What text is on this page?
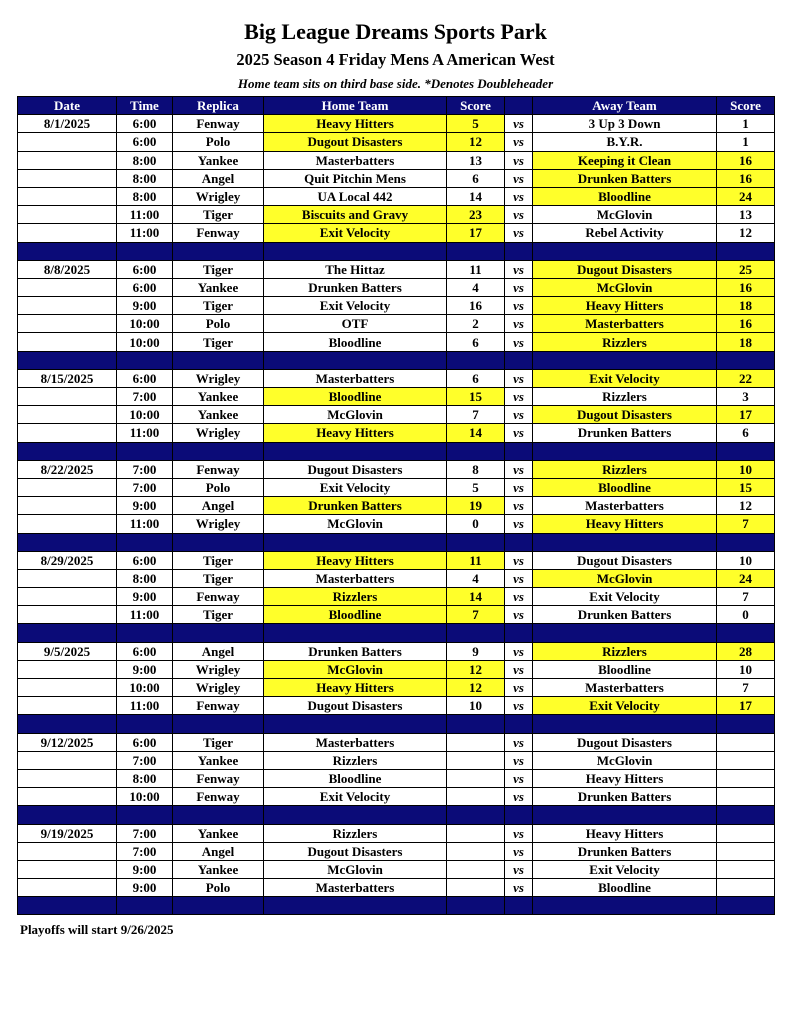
Big League Dreams Sports Park
2025 Season 4 Friday Mens A American West
Home team sits on third base side. *Denotes Doubleheader
Date	Time	Replica	Home Team	Score		Away Team	Score
8/1/2025	6:00	Fenway	Heavy Hitters	5	vs	3 Up 3 Down	1
	6:00	Polo	Dugout Disasters	12	vs	B.Y.R.	1
	8:00	Yankee	Masterbatters	13	vs	Keeping it Clean	16
	8:00	Angel	Quit Pitchin Mens	6	vs	Drunken Batters	16
	8:00	Wrigley	UA Local 442	14	vs	Bloodline	24
	11:00	Tiger	Biscuits and Gravy	23	vs	McGlovin	13
	11:00	Fenway	Exit Velocity	17	vs	Rebel Activity	12

8/8/2025	6:00	Tiger	The Hittaz	11	vs	Dugout Disasters	25
	6:00	Yankee	Drunken Batters	4	vs	McGlovin	16
	9:00	Tiger	Exit Velocity	16	vs	Heavy Hitters	18
	10:00	Polo	OTF	2	vs	Masterbatters	16
	10:00	Tiger	Bloodline	6	vs	Rizzlers	18

8/15/2025	6:00	Wrigley	Masterbatters	6	vs	Exit Velocity	22
	7:00	Yankee	Bloodline	15	vs	Rizzlers	3
	10:00	Yankee	McGlovin	7	vs	Dugout Disasters	17
	11:00	Wrigley	Heavy Hitters	14	vs	Drunken Batters	6

8/22/2025	7:00	Fenway	Dugout Disasters	8	vs	Rizzlers	10
	7:00	Polo	Exit Velocity	5	vs	Bloodline	15
	9:00	Angel	Drunken Batters	19	vs	Masterbatters	12
	11:00	Wrigley	McGlovin	0	vs	Heavy Hitters	7

8/29/2025	6:00	Tiger	Heavy Hitters	11	vs	Dugout Disasters	10
	8:00	Tiger	Masterbatters	4	vs	McGlovin	24
	9:00	Fenway	Rizzlers	14	vs	Exit Velocity	7
	11:00	Tiger	Bloodline	7	vs	Drunken Batters	0

9/5/2025	6:00	Angel	Drunken Batters	9	vs	Rizzlers	28
	9:00	Wrigley	McGlovin	12	vs	Bloodline	10
	10:00	Wrigley	Heavy Hitters	12	vs	Masterbatters	7
	11:00	Fenway	Dugout Disasters	10	vs	Exit Velocity	17

9/12/2025	6:00	Tiger	Masterbatters		vs	Dugout Disasters	
	7:00	Yankee	Rizzlers		vs	McGlovin	
	8:00	Fenway	Bloodline		vs	Heavy Hitters	
	10:00	Fenway	Exit Velocity		vs	Drunken Batters	

9/19/2025	7:00	Yankee	Rizzlers		vs	Heavy Hitters	
	7:00	Angel	Dugout Disasters		vs	Drunken Batters	
	9:00	Yankee	McGlovin		vs	Exit Velocity	
	9:00	Polo	Masterbatters		vs	Bloodline	

Playoffs will start 9/26/2025
